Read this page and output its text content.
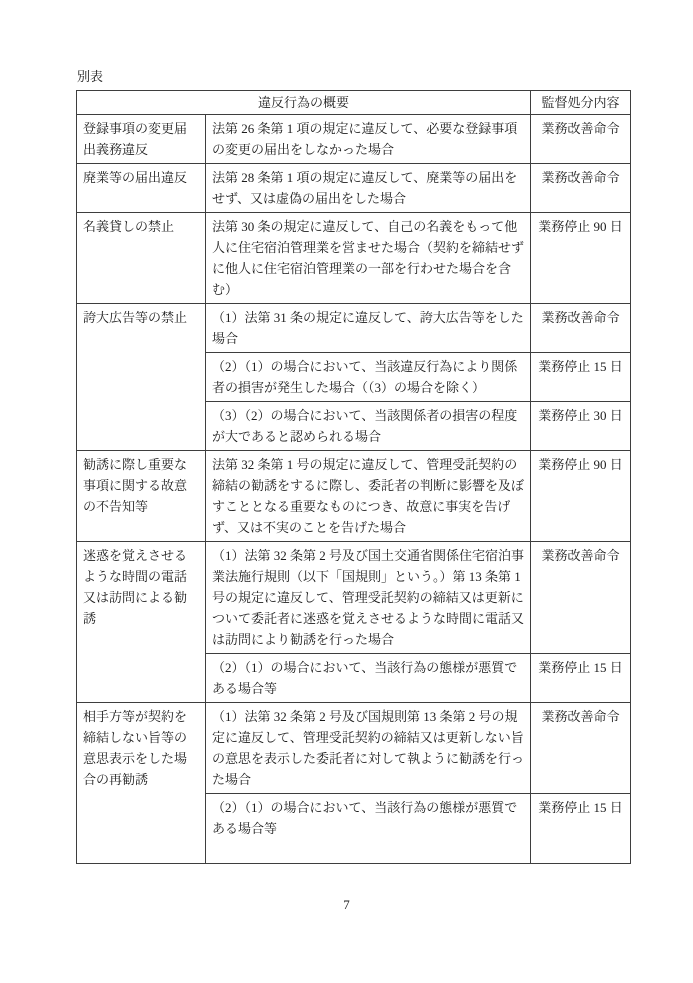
別表
違反行為の概要		監督処分内容
登録事項の変更届出義務違反	法第 26 条第 1 項の規定に違反して、必要な登録事項の変更の届出をしなかった場合	業務改善命令
廃業等の届出違反	法第 28 条第 1 項の規定に違反して、廃業等の届出をせず、又は虚偽の届出をした場合	業務改善命令
名義貸しの禁止	法第 30 条の規定に違反して、自己の名義をもって他人に住宅宿泊管理業を営ませた場合（契約を締結せずに他人に住宅宿泊管理業の一部を行わせた場合を含む）	業務停止 90 日
誇大広告等の禁止	（1）法第 31 条の規定に違反して、誇大広告等をした場合	業務改善命令
	（2）（1）の場合において、当該違反行為により関係者の損害が発生した場合（（3）の場合を除く）	業務停止 15 日
	（3）（2）の場合において、当該関係者の損害の程度が大であると認められる場合	業務停止 30 日
勧誘に際し重要な事項に関する故意の不告知等	法第 32 条第 1 号の規定に違反して、管理受託契約の締結の勧誘をするに際し、委託者の判断に影響を及ぼすこととなる重要なものにつき、故意に事実を告げず、又は不実のことを告げた場合	業務停止 90 日
迷惑を覚えさせるような時間の電話又は訪問による勧誘	（1）法第 32 条第 2 号及び国土交通省関係住宅宿泊事業法施行規則（以下「国規則」という。）第 13 条第 1 号の規定に違反して、管理受託契約の締結又は更新について委託者に迷惑を覚えさせるような時間に電話又は訪問により勧誘を行った場合	業務改善命令
	（2）（1）の場合において、当該行為の態様が悪質である場合等	業務停止 15 日
相手方等が契約を締結しない旨等の意思表示をした場合の再勧誘	（1）法第 32 条第 2 号及び国規則第 13 条第 2 号の規定に違反して、管理受託契約の締結又は更新しない旨の意思を表示した委託者に対して執ように勧誘を行った場合	業務改善命令
	（2）（1）の場合において、当該行為の態様が悪質である場合等	業務停止 15 日
7
